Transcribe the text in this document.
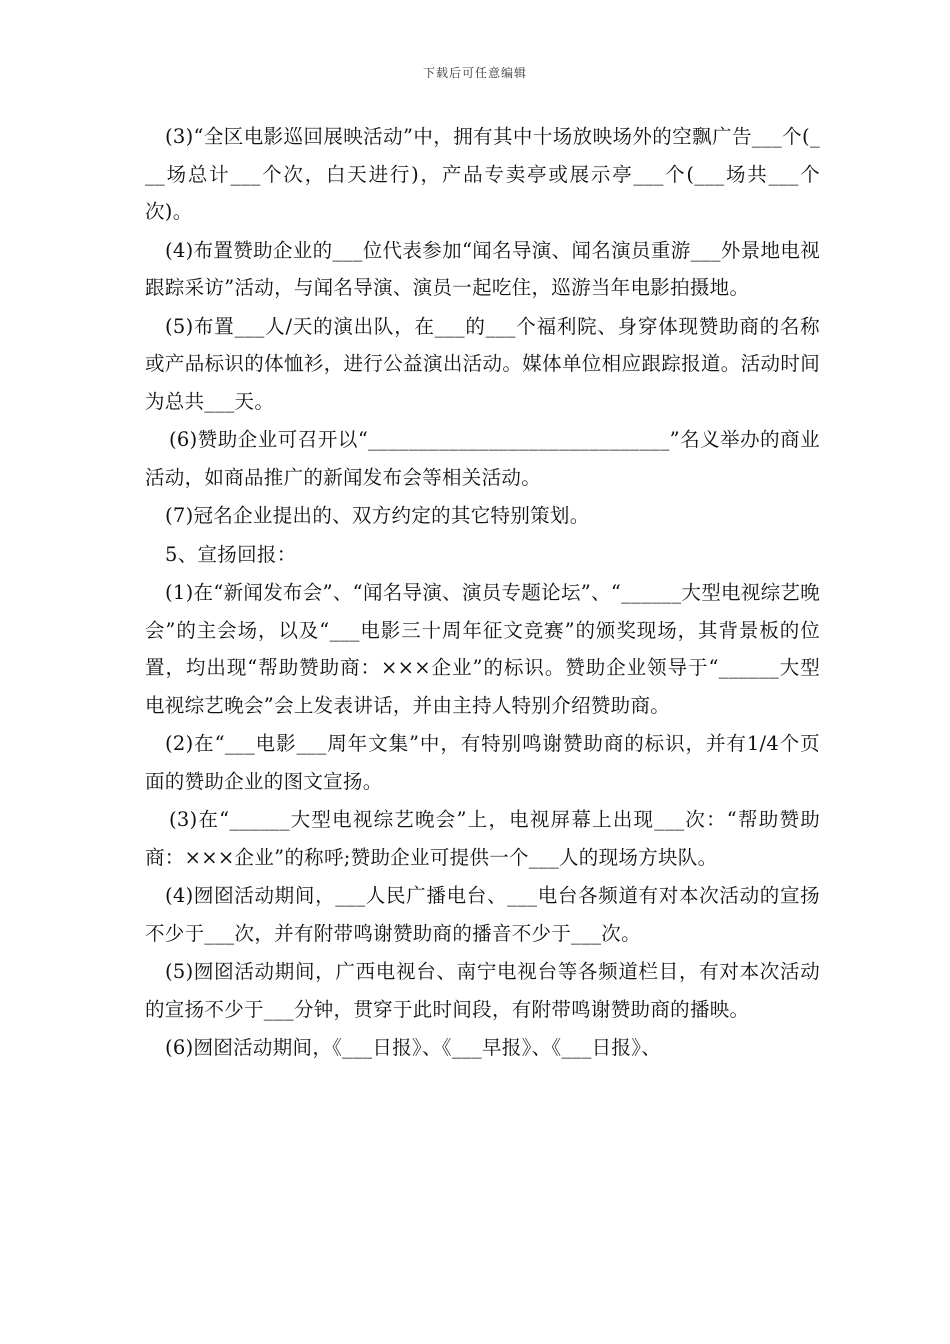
下载后可任意编辑

(3)“全区电影巡回展映活动”中，拥有其中十场放映场外的空飘广告___个(___场总计___个次，白天进行)，产品专卖亭或展示亭___个(___场共___个次)。

(4)布置赞助企业的___位代表参加“闻名导演、闻名演员重游___外景地电视跟踪采访”活动，与闻名导演、演员一起吃住，巡游当年电影拍摄地。

(5)布置___人/天的演出队，在___的___个福利院、身穿体现赞助商的名称或产品标识的体恤衫，进行公益演出活动。媒体单位相应跟踪报道。活动时间为总共___天。

(6)赞助企业可召开以“______________________________”名义举办的商业活动，如商品推广的新闻发布会等相关活动。

(7)冠名企业提出的、双方约定的其它特别策划。

5、宣扬回报：

(1)在“新闻发布会”、“闻名导演、演员专题论坛”、“______大型电视综艺晚会”的主会场，以及“___电影三十周年征文竞赛”的颁奖现场，其背景板的位置，均出现“帮助赞助商：×××企业”的标识。赞助企业领导于“______大型电视综艺晚会”会上发表讲话，并由主持人特别介绍赞助商。

(2)在“___电影___周年文集”中，有特别鸣谢赞助商的标识，并有1/4个页面的赞助企业的图文宣扬。

(3)在“______大型电视综艺晚会”上，电视屏幕上出现___次：“帮助赞助商：×××企业”的称呼;赞助企业可提供一个___人的现场方块队。

(4)囫囵活动期间，___人民广播电台、___电台各频道有对本次活动的宣扬不少于___次，并有附带鸣谢赞助商的播音不少于___次。

(5)囫囵活动期间，广西电视台、南宁电视台等各频道栏目，有对本次活动的宣扬不少于___分钟，贯穿于此时间段，有附带鸣谢赞助商的播映。

(6)囫囵活动期间，《___日报》、《___早报》、《___日报》、
